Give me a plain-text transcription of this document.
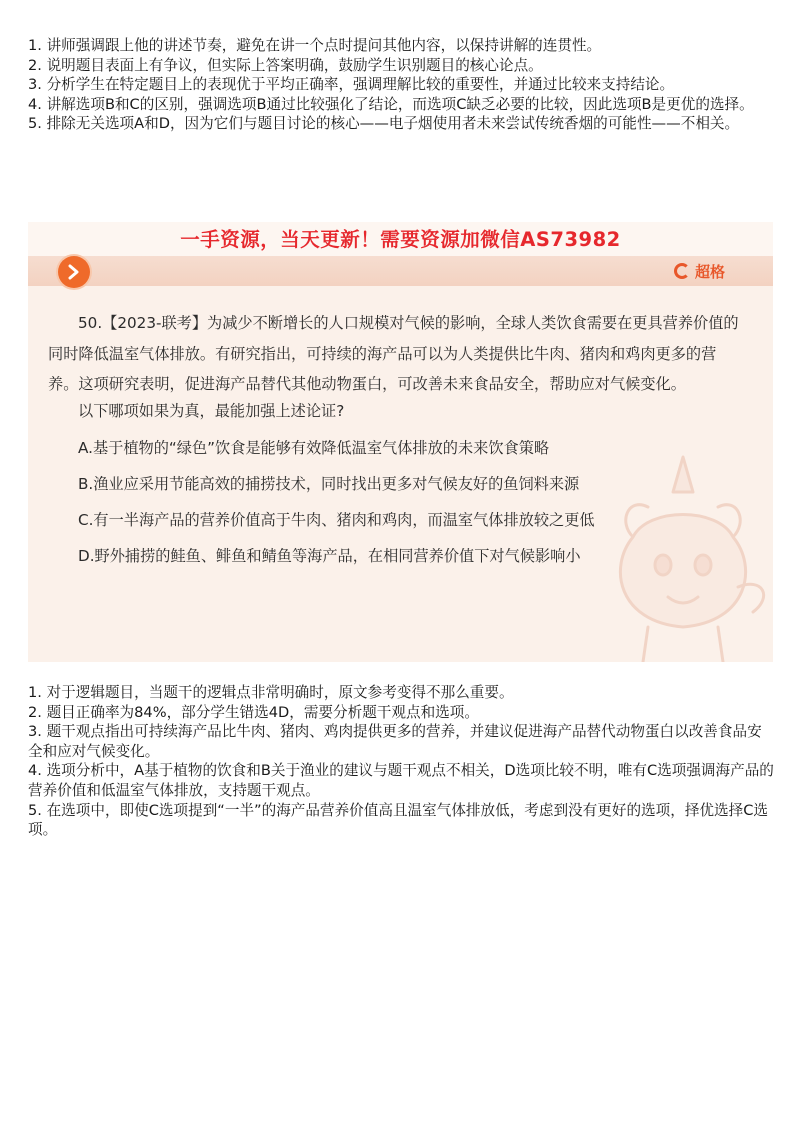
1. 讲师强调跟上他的讲述节奏，避免在讲一个点时提问其他内容，以保持讲解的连贯性。

2. 说明题目表面上有争议，但实际上答案明确，鼓励学生识别题目的核心论点。

3. 分析学生在特定题目上的表现优于平均正确率，强调理解比较的重要性，并通过比较来支持结论。

4. 讲解选项B和C的区别，强调选项B通过比较强化了结论，而选项C缺乏必要的比较，因此选项B是更优的选择。

5. 排除无关选项A和D，因为它们与题目讨论的核心——电子烟使用者未来尝试传统香烟的可能性——不相关。

一手资源，当天更新！需要资源加微信AS73982
超格
50.【2023-联考】为减少不断增长的人口规模对气候的影响，全球人类饮食需要在更具营养价值的同时降低温室气体排放。有研究指出，可持续的海产品可以为人类提供比牛肉、猪肉和鸡肉更多的营养。这项研究表明，促进海产品替代其他动物蛋白，可改善未来食品安全，帮助应对气候变化。
以下哪项如果为真，最能加强上述论证?
A.基于植物的“绿色”饮食是能够有效降低温室气体排放的未来饮食策略
B.渔业应采用节能高效的捕捞技术，同时找出更多对气候友好的鱼饲料来源
C.有一半海产品的营养价值高于牛肉、猪肉和鸡肉，而温室气体排放较之更低
D.野外捕捞的鲑鱼、鲱鱼和鲭鱼等海产品，在相同营养价值下对气候影响小

1. 对于逻辑题目，当题干的逻辑点非常明确时，原文参考变得不那么重要。

2. 题目正确率为84%，部分学生错选4D，需要分析题干观点和选项。

3. 题干观点指出可持续海产品比牛肉、猪肉、鸡肉提供更多的营养，并建议促进海产品替代动物蛋白以改善食品安全和应对气候变化。

4. 选项分析中，A基于植物的饮食和B关于渔业的建议与题干观点不相关，D选项比较不明，唯有C选项强调海产品的营养价值和低温室气体排放，支持题干观点。

5. 在选项中，即使C选项提到“一半”的海产品营养价值高且温室气体排放低，考虑到没有更好的选项，择优选择C选项。
